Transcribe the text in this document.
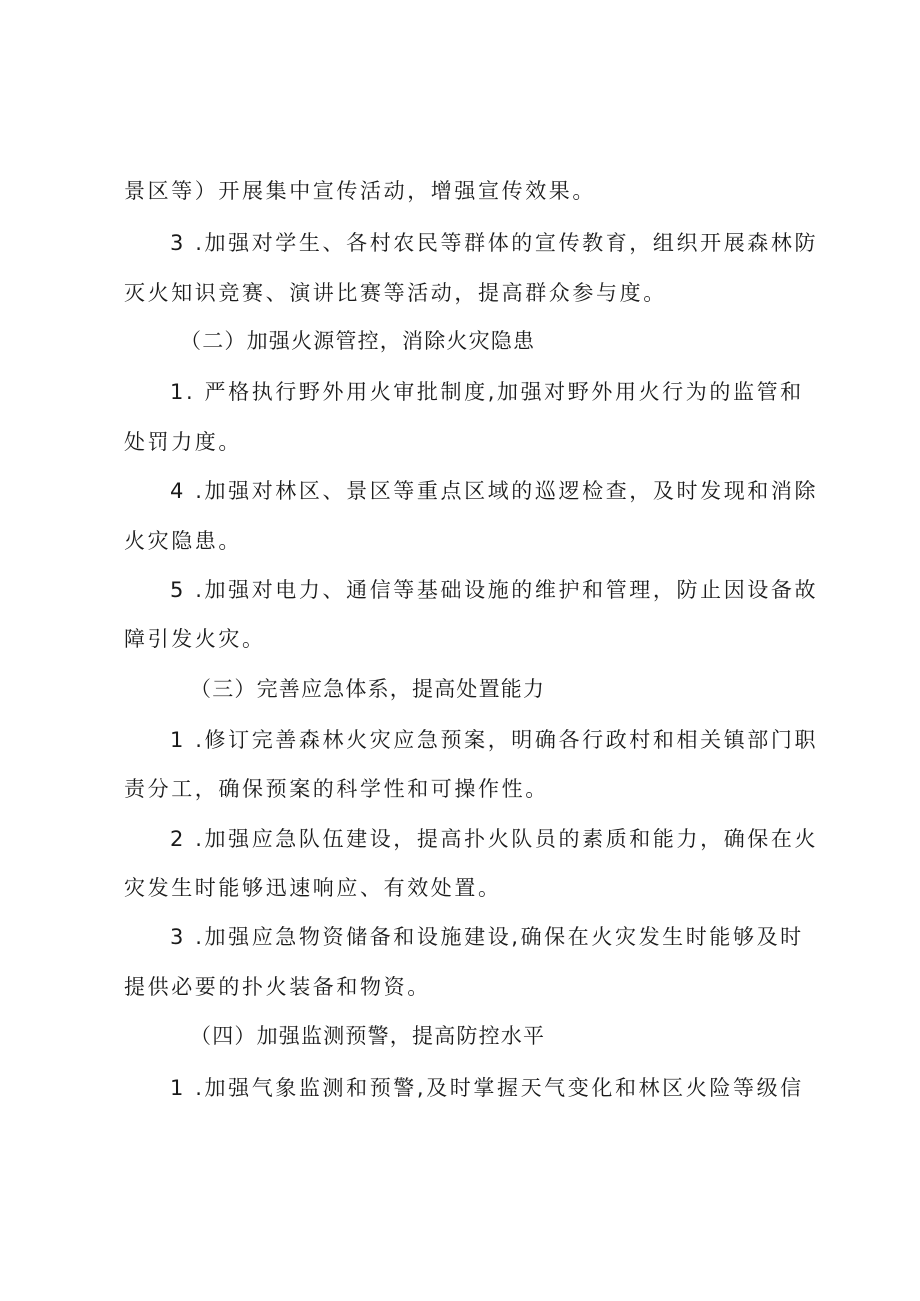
景区等）开展集中宣传活动，增强宣传效果。
3 .加强对学生、各村农民等群体的宣传教育，组织开展森林防
灭火知识竞赛、演讲比赛等活动，提高群众参与度。
（二）加强火源管控，消除火灾隐患
1. 严格执行野外用火审批制度,加强对野外用火行为的监管和
处罚力度。
4 .加强对林区、景区等重点区域的巡逻检查，及时发现和消除
火灾隐患。
5 .加强对电力、通信等基础设施的维护和管理，防止因设备故
障引发火灾。
（三）完善应急体系，提高处置能力
1 .修订完善森林火灾应急预案，明确各行政村和相关镇部门职
责分工，确保预案的科学性和可操作性。
2 .加强应急队伍建设，提高扑火队员的素质和能力，确保在火
灾发生时能够迅速响应、有效处置。
3 .加强应急物资储备和设施建设,确保在火灾发生时能够及时
提供必要的扑火装备和物资。
（四）加强监测预警，提高防控水平
1 .加强气象监测和预警,及时掌握天气变化和林区火险等级信
